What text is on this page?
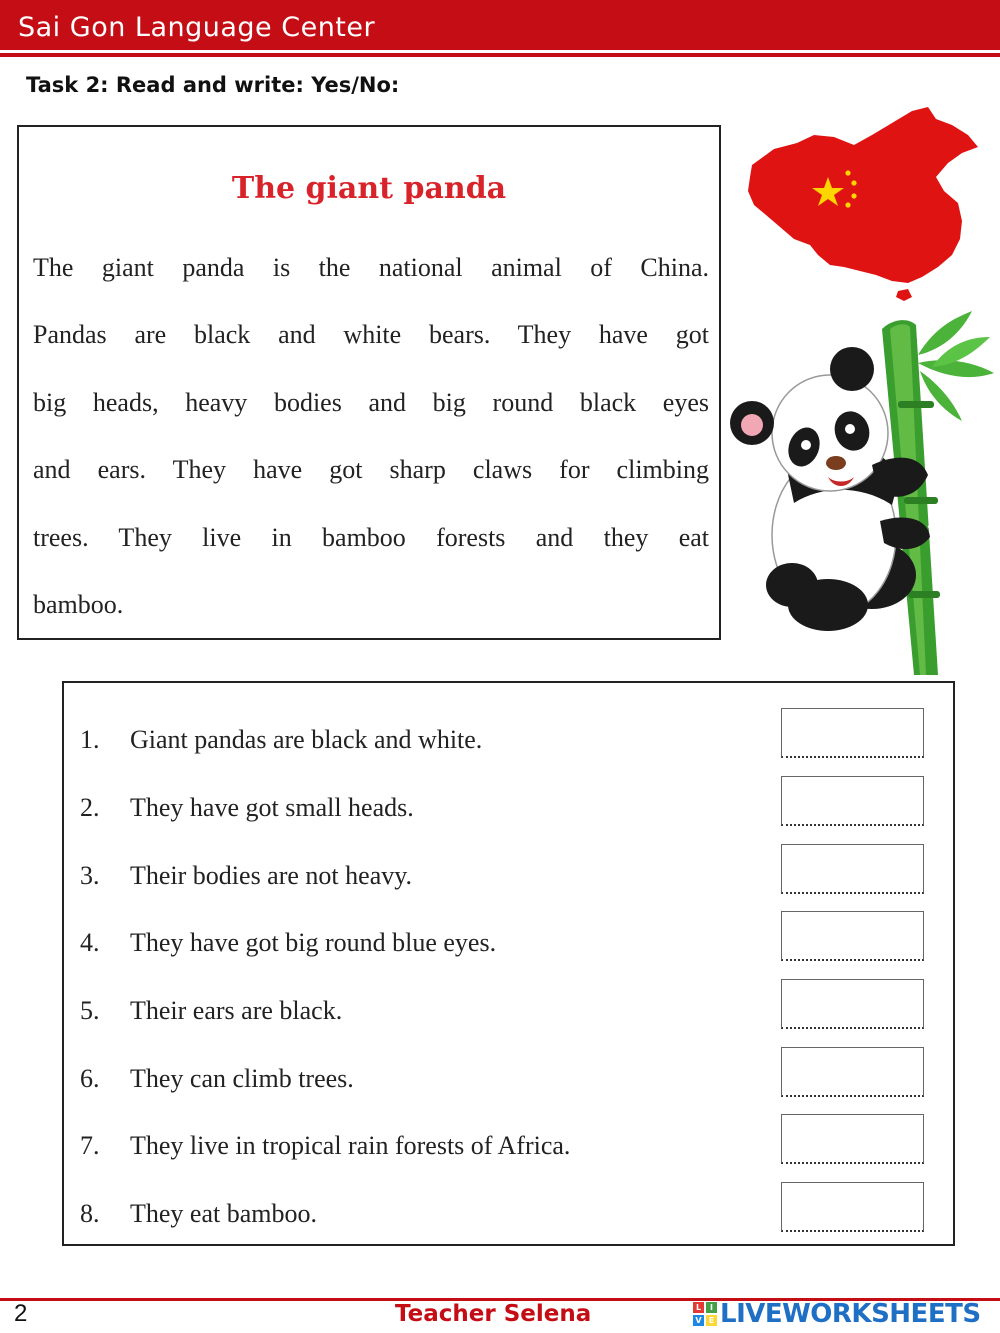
Sai Gon Language Center
Task 2: Read and write: Yes/No:
The giant panda
The giant panda is the national animal of China.
Pandas are black and white bears. They have got
big heads, heavy bodies and big round black eyes
and ears. They have got sharp claws for climbing
trees. They live in bamboo forests and they eat
bamboo.
1. Giant pandas are black and white.
2. They have got small heads.
3. Their bodies are not heavy.
4. They have got big round blue eyes.
5. Their ears are black.
6. They can climb trees.
7. They live in tropical rain forests of Africa.
8. They eat bamboo.
2	Teacher Selena	L	I
V E LIVEWORKSHEETS
